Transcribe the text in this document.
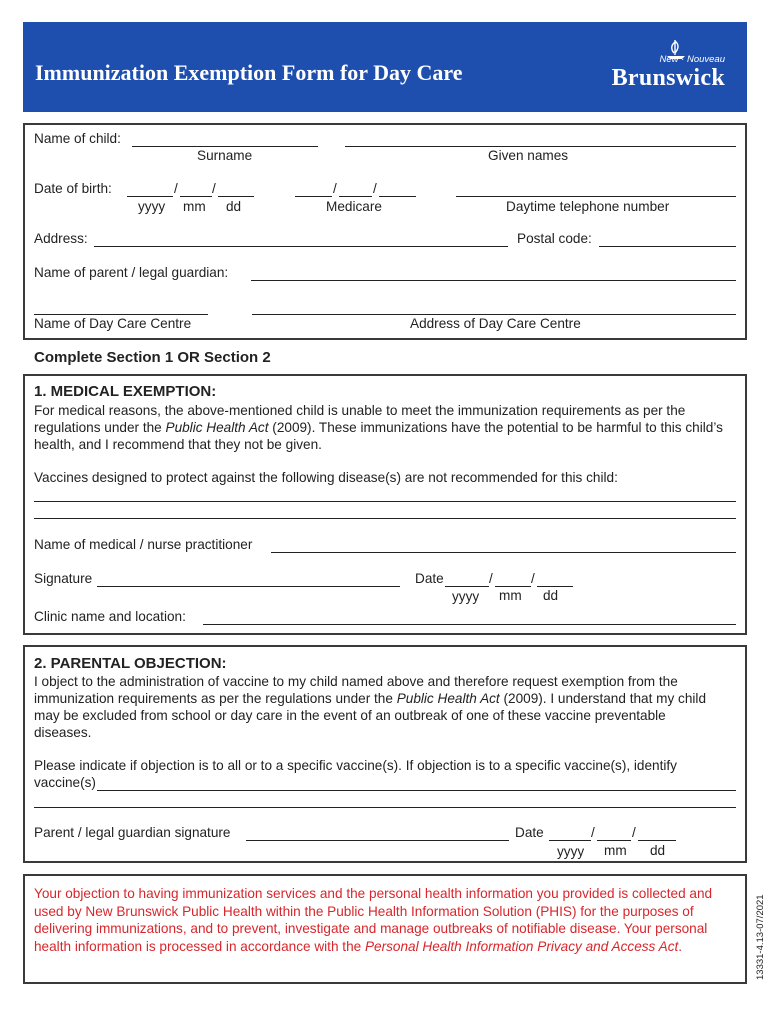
Immunization Exemption Form for Day Care
New · Nouveau
Brunswick
Name of child:
Surname	Given names
Date of birth:	/	/
yyyy mm dd
/	/
Medicare	Daytime telephone number
Address:	Postal code:
Name of parent / legal guardian:
Name of Day Care Centre	Address of Day Care Centre
Complete Section 1 OR Section 2
1. MEDICAL EXEMPTION:
For medical reasons, the above-mentioned child is unable to meet the immunization requirements as per the regulations under the Public Health Act (2009). These immunizations have the potential to be harmful to this child’s health, and I recommend that they not be given.
Vaccines designed to protect against the following disease(s) are not recommended for this child:
Name of medical / nurse practitioner
Signature	Date	/	/
yyyy mm dd
Clinic name and location:
2. PARENTAL OBJECTION:
I object to the administration of vaccine to my child named above and therefore request exemption from the immunization requirements as per the regulations under the Public Health Act (2009). I understand that my child may be excluded from school or day care in the event of an outbreak of one of these vaccine preventable diseases.
Please indicate if objection is to all or to a specific vaccine(s). If objection is to a specific vaccine(s), identify
vaccine(s)
Parent / legal guardian signature	Date	/	/
yyyy mm dd
Your objection to having immunization services and the personal health information you provided is collected and used by New Brunswick Public Health within the Public Health Information Solution (PHIS) for the purposes of delivering immunizations, and to prevent, investigate and manage outbreaks of notifiable disease. Your personal health information is processed in accordance with the Personal Health Information Privacy and Access Act.	13331-4.13-07/2021
